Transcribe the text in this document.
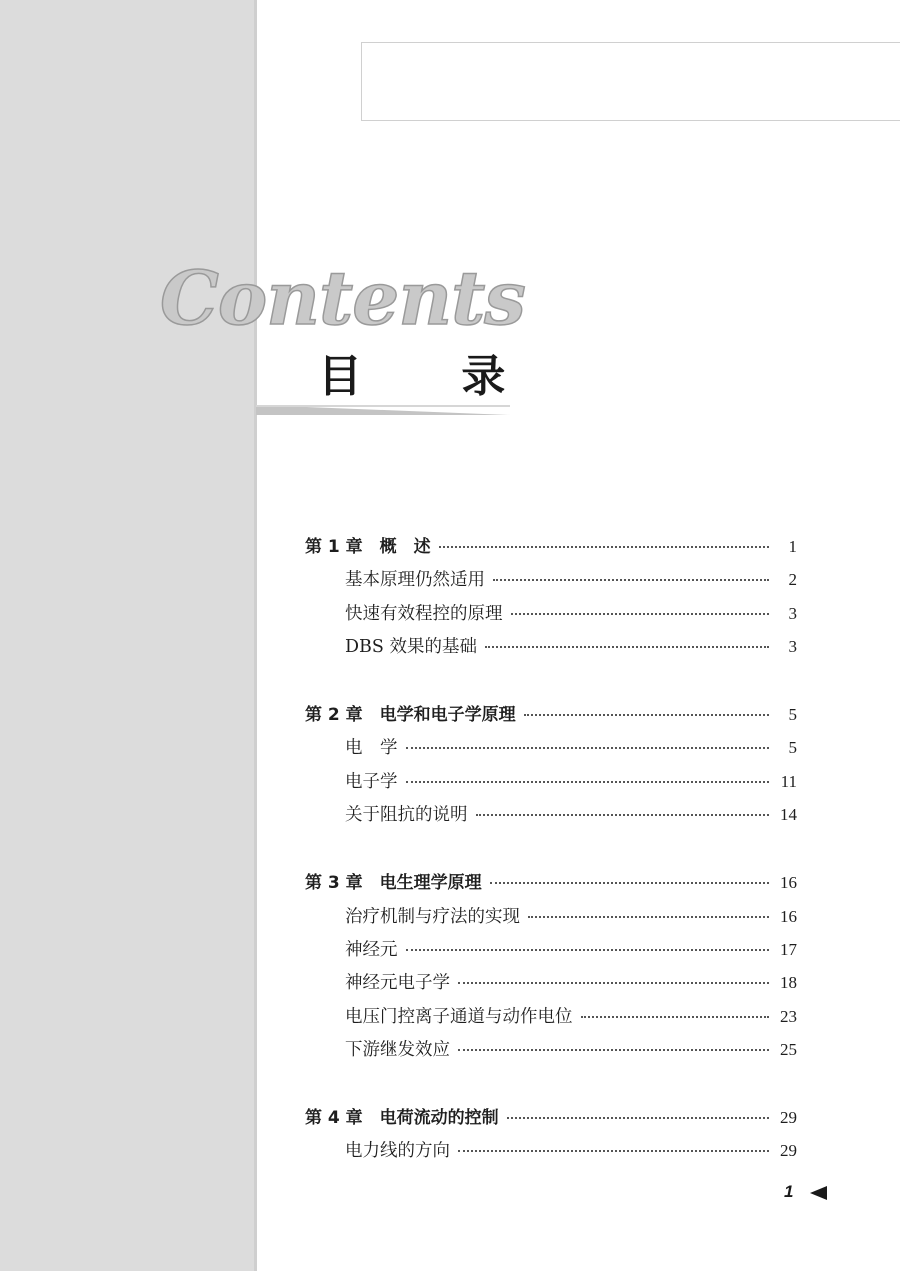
Contents
目 录
第 1 章　概　述	1
基本原理仍然适用	2
快速有效程控的原理	3
DBS 效果的基础	3
第 2 章　电学和电子学原理	5
电　学	5
电子学	11
关于阻抗的说明	14
第 3 章　电生理学原理	16
治疗机制与疗法的实现	16
神经元	17
神经元电子学	18
电压门控离子通道与动作电位	23
下游继发效应	25
第 4 章　电荷流动的控制	29
电力线的方向	29
1
